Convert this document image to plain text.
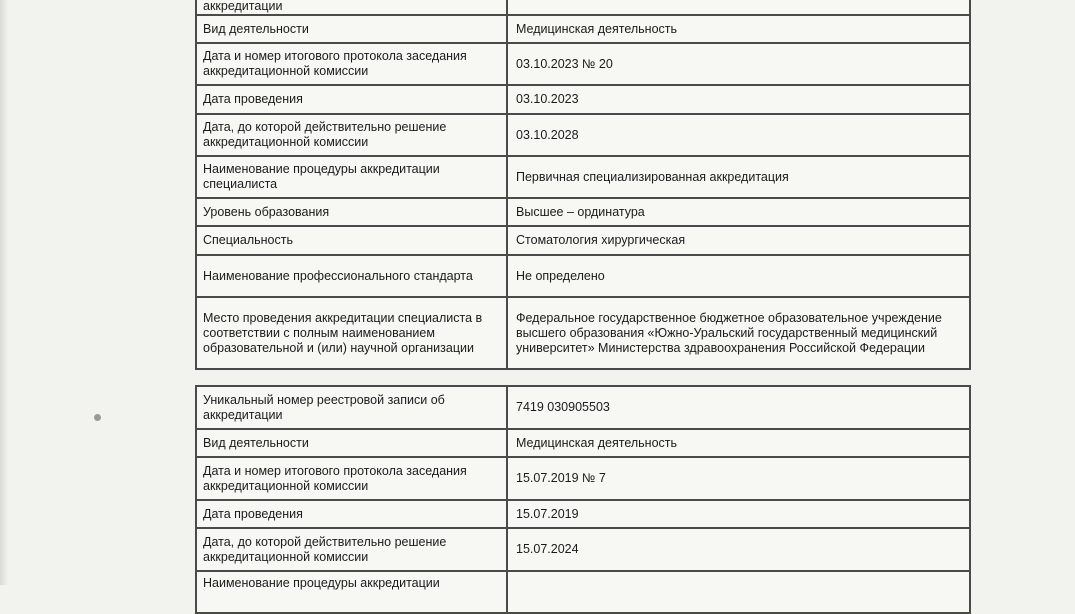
аккредитации	
Вид деятельности	Медицинская деятельность
Дата и номер итогового протокола заседания аккредитационной комиссии	03.10.2023 № 20
Дата проведения	03.10.2023
Дата, до которой действительно решение аккредитационной комиссии	03.10.2028
Наименование процедуры аккредитации специалиста	Первичная специализированная аккредитация
Уровень образования	Высшее – ординатура
Специальность	Стоматология хирургическая
Наименование профессионального стандарта	Не определено
Место проведения аккредитации специалиста в соответствии с полным наименованием образовательной и (или) научной организации	Федеральное государственное бюджетное образовательное учреждение высшего образования «Южно-Уральский государственный медицинский университет» Министерства здравоохранения Российской Федерации
Уникальный номер реестровой записи об аккредитации	7419 030905503
Вид деятельности	Медицинская деятельность
Дата и номер итогового протокола заседания аккредитационной комиссии	15.07.2019 № 7
Дата проведения	15.07.2019
Дата, до которой действительно решение аккредитационной комиссии	15.07.2024
Наименование процедуры аккредитации	
